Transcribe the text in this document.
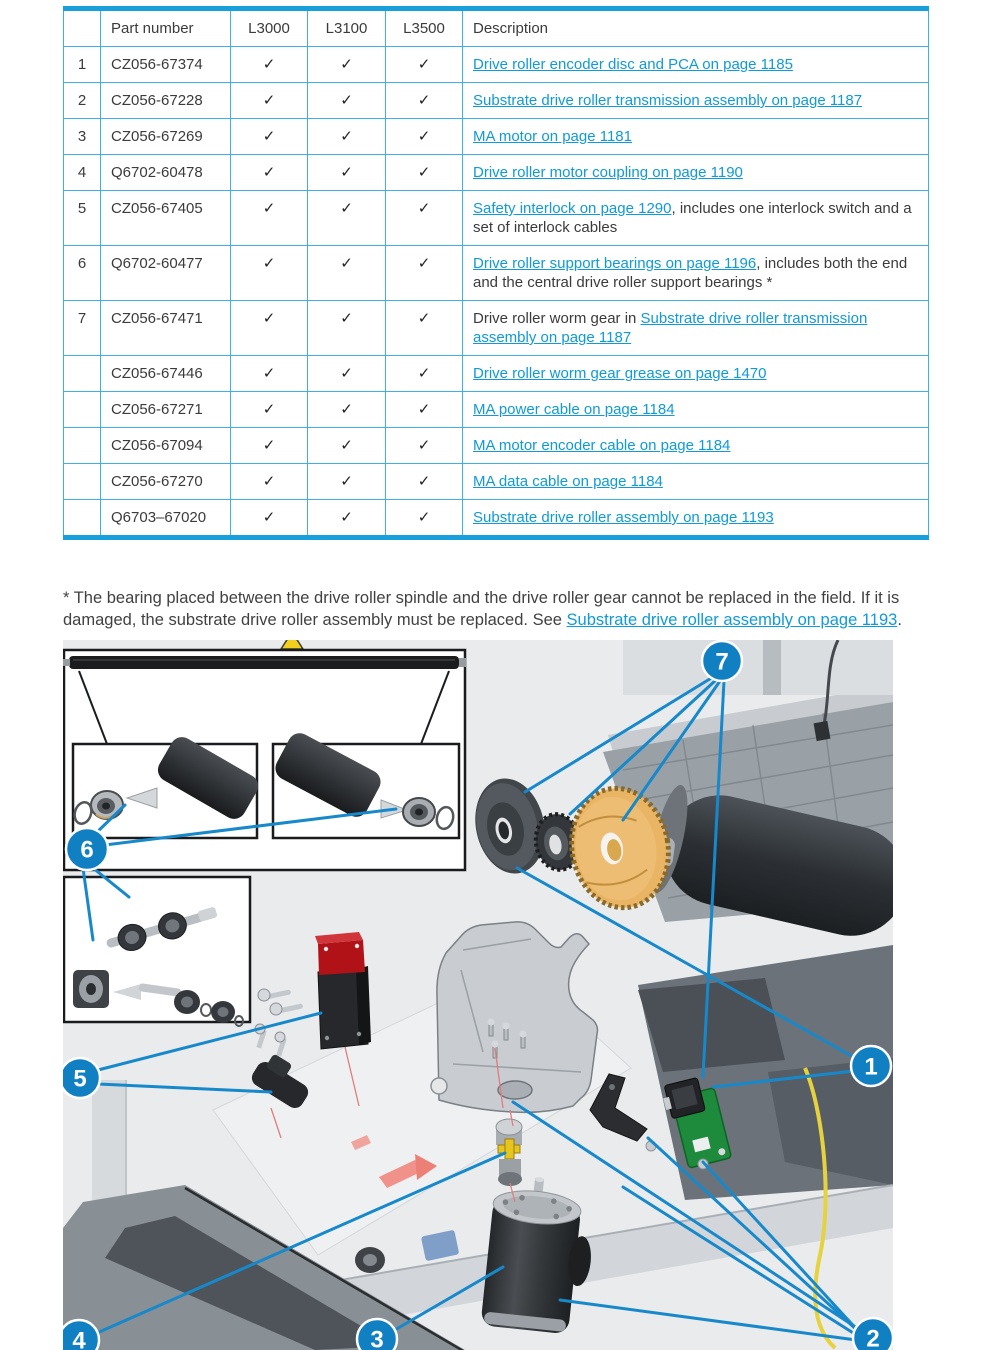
	Part number	L3000	L3100	L3500	Description
1	CZ056-67374	✓	✓	✓	Drive roller encoder disc and PCA on page 1185
2	CZ056-67228	✓	✓	✓	Substrate drive roller transmission assembly on page 1187
3	CZ056-67269	✓	✓	✓	MA motor on page 1181
4	Q6702-60478	✓	✓	✓	Drive roller motor coupling on page 1190
5	CZ056-67405	✓	✓	✓	Safety interlock on page 1290, includes one interlock switch and a set of interlock cables
6	Q6702-60477	✓	✓	✓	Drive roller support bearings on page 1196, includes both the end and the central drive roller support bearings *
7	CZ056-67471	✓	✓	✓	Drive roller worm gear in Substrate drive roller transmission assembly on page 1187
	CZ056-67446	✓	✓	✓	Drive roller worm gear grease on page 1470
	CZ056-67271	✓	✓	✓	MA power cable on page 1184
	CZ056-67094	✓	✓	✓	MA motor encoder cable on page 1184
	CZ056-67270	✓	✓	✓	MA data cable on page 1184
	Q6703–67020	✓	✓	✓	Substrate drive roller assembly on page 1193

* The bearing placed between the drive roller spindle and the drive roller gear cannot be replaced in the field. If it is damaged, the substrate drive roller assembly must be replaced. See Substrate drive roller assembly on page 1193.

7
6
5
4	3	2
1
